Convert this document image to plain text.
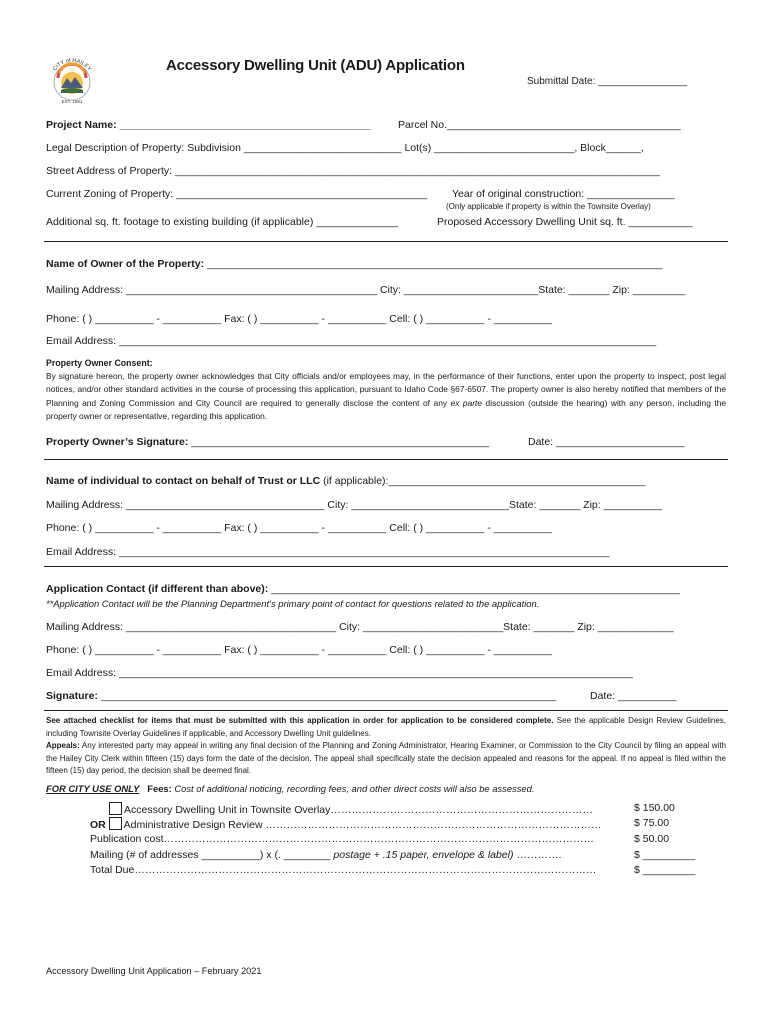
CITY of HAILEY
EST. 1881
Accessory Dwelling Unit (ADU) Application
Submittal Date: ________________
Project Name: ___________________________________________	Parcel No.________________________________________
Legal Description of Property: Subdivision ___________________________ Lot(s) ________________________, Block______,
Street Address of Property: ___________________________________________________________________________________
Current Zoning of Property: ___________________________________________ Year of original construction: _______________
(Only applicable if property is within the Townsite Overlay)
Additional sq. ft. footage to existing building (if applicable) ______________	Proposed Accessory Dwelling Unit sq. ft. ___________
Name of Owner of the Property: ______________________________________________________________________________
Mailing Address: ___________________________________________ City: _______________________State: _______ Zip: _________
Phone: ( ) __________ - __________ Fax: ( ) __________ - __________ Cell: ( ) __________ - __________
Email Address: ____________________________________________________________________________________________
Property Owner Consent:
By signature hereon, the property owner acknowledges that City officials and/or employees may, in the performance of their functions, enter upon the property to inspect, post legal notices, and/or other standard activities in the course of processing this application, pursuant to Idaho Code §67-6507. The property owner is also hereby notified that members of the Planning and Zoning Commission and City Council are required to generally disclose the content of any ex parte discussion (outside the hearing) with any person, including the property owner or representative, regarding this application.
Property Owner’s Signature: ___________________________________________________	Date: ______________________
Name of individual to contact on behalf of Trust or LLC (if applicable):____________________________________________
Mailing Address: __________________________________ City: ___________________________State: _______ Zip: __________
Phone: ( ) __________ - __________ Fax: ( ) __________ - __________ Cell: ( ) __________ - __________
Email Address: ____________________________________________________________________________________
Application Contact (if different than above): ______________________________________________________________________
**Application Contact will be the Planning Department’s primary point of contact for questions related to the application.
Mailing Address: ____________________________________ City: ________________________State: _______ Zip: _____________
Phone: ( ) __________ - __________ Fax: ( ) __________ - __________ Cell: ( ) __________ - __________
Email Address: ________________________________________________________________________________________
Signature: ______________________________________________________________________________	Date: __________
See attached checklist for items that must be submitted with this application in order for application to be considered complete. See the applicable Design Review Guidelines, including Townsite Overlay Guidelines if applicable, and Accessory Dwelling Unit guidelines.
Appeals: Any interested party may appeal in writing any final decision of the Planning and Zoning Administrator, Hearing Examiner, or Commission to the City Council by filing an appeal with the Hailey City Clerk within fifteen (15) days form the date of the decision. The appeal shall specifically state the decision appealed and reasons for the appeal. If no appeal is filed within the fifteen (15) day period, the decision shall be deemed final.
FOR CITY USE ONLY Fees: Cost of additional noticing, recording fees, and other direct costs will also be assessed.
Accessory Dwelling Unit in Townsite Overlay…………………………………………………………………	$ 150.00
OR Administrative Design Review ……………………………………………………………………………………	$ 75.00
Publication cost……………………………………………………………………………………………………………	$ 50.00
Mailing (# of addresses __________) x (. ________ postage + .15 paper, envelope & label) ………….	$ _________
Total Due……………………………………………………………………………………………………………………	$ _________
Accessory Dwelling Unit Application – February 2021
